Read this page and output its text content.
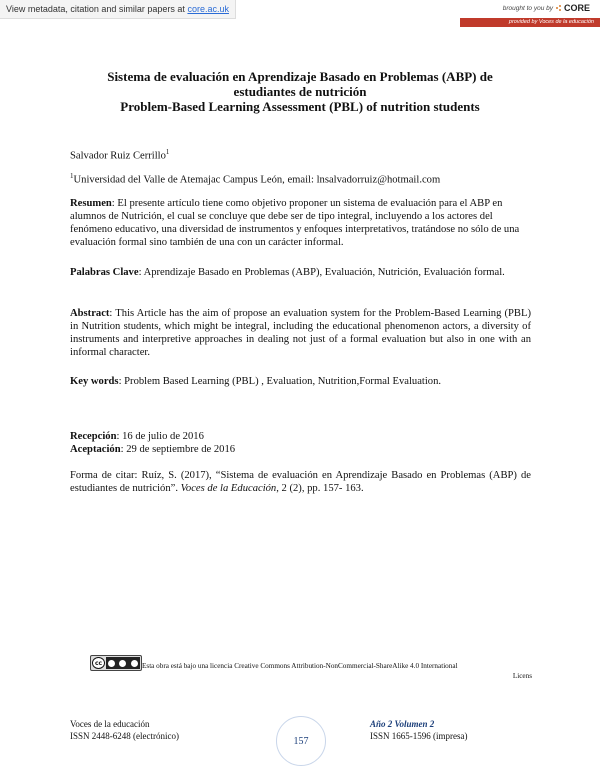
View metadata, citation and similar papers at core.ac.uk	brought to you by CORE
provided by Voces de la educación
Sistema de evaluación en Aprendizaje Basado en Problemas (ABP) de
estudiantes de nutrición
Problem-Based Learning Assessment (PBL) of nutrition students
Salvador Ruiz Cerrillo$^1$
$^1$Universidad del Valle de Atemajac Campus León, email: lnsalvadorruiz@hotmail.com
Resumen: El presente artículo tiene como objetivo proponer un sistema de evaluación para el ABP en alumnos de Nutrición, el cual se concluye que debe ser de tipo integral, incluyendo a los actores del fenómeno educativo, una diversidad de instrumentos y enfoques interpretativos, tratándose no sólo de una evaluación formal sino también de una con un carácter informal.
Palabras Clave: Aprendizaje Basado en Problemas (ABP), Evaluación, Nutrición, Evaluación formal.
Abstract: This Article has the aim of propose an evaluation system for the Problem-Based Learning (PBL) in Nutrition students, which might be integral, including the educational phenomenon actors, a diversity of instruments and interpretive approaches in dealing not just of a formal evaluation but also in one with an informal character.
Key words: Problem Based Learning (PBL) , Evaluation, Nutrition,Formal Evaluation.
Recepción: 16 de julio de 2016
Aceptación: 29 de septiembre de 2016
Forma de citar: Ruíz, S. (2017), “Sistema de evaluación en Aprendizaje Basado en Problemas (ABP) de estudiantes de nutrición”. Voces de la Educación, 2 (2), pp. 157- 163.
cc	Esta obra está bajo una licencia Creative Commons Attribution-NonCommercial-ShareAlike 4.0 International
Licens
Voces de la educación
ISSN 2448-6248 (electrónico)	157
Año 2 Volumen 2
ISSN 1665-1596 (impresa)
